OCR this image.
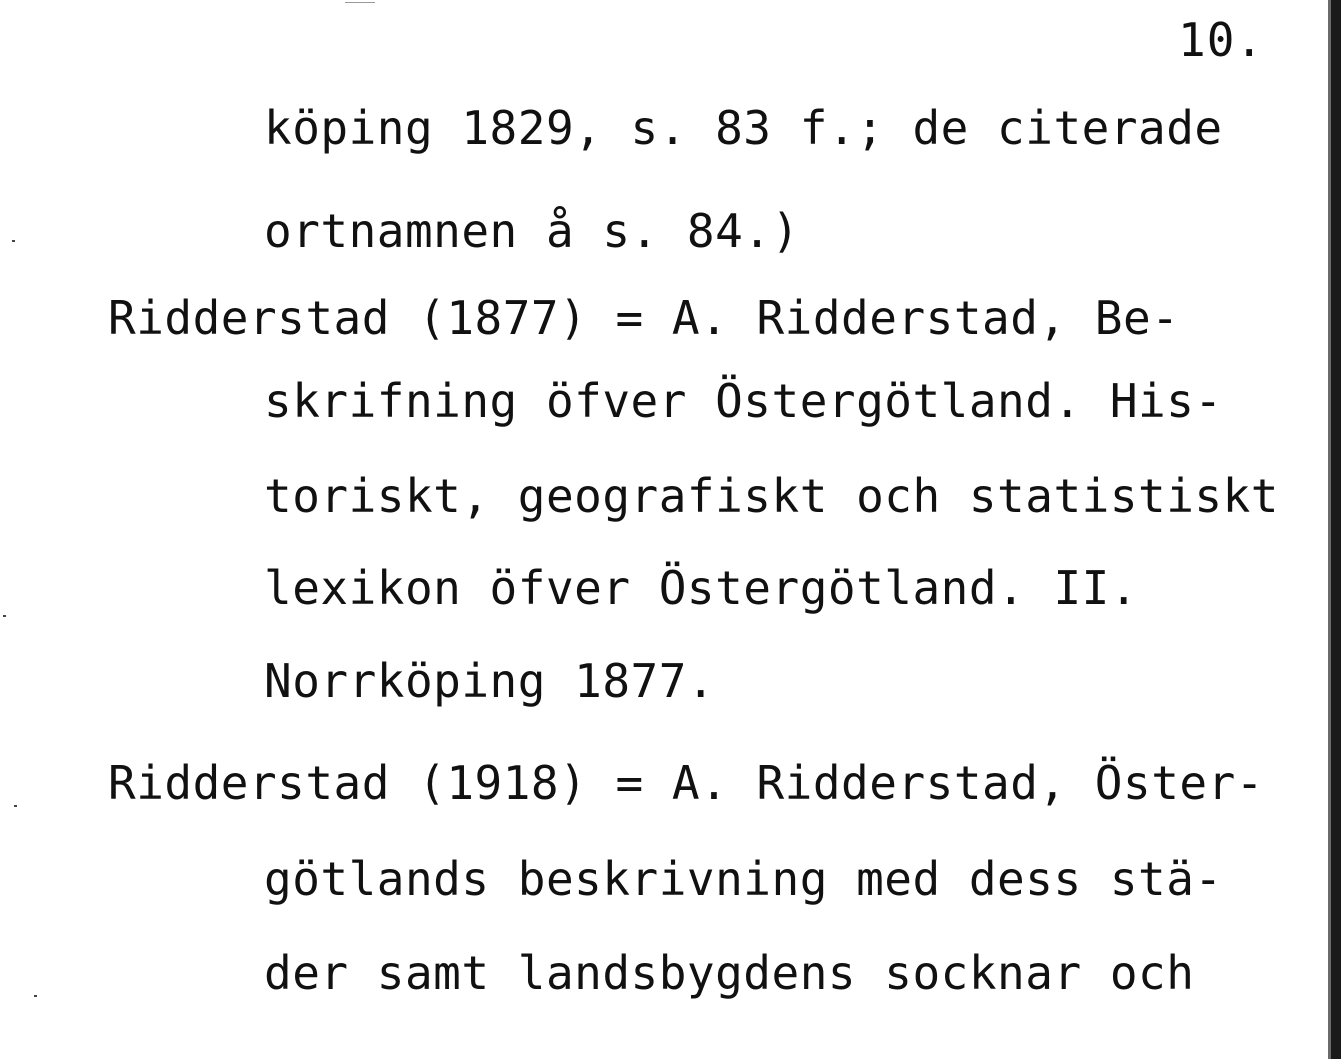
10.
köping 1829, s. 83 f.; de citerade
ortnamnen å s. 84.)
Ridderstad (1877) = A. Ridderstad, Be-
skrifning öfver Östergötland. His-
toriskt, geografiskt och statistiskt
lexikon öfver Östergötland. II.
Norrköping 1877.
Ridderstad (1918) = A. Ridderstad, Öster-
götlands beskrivning med dess stä-
der samt landsbygdens socknar och
